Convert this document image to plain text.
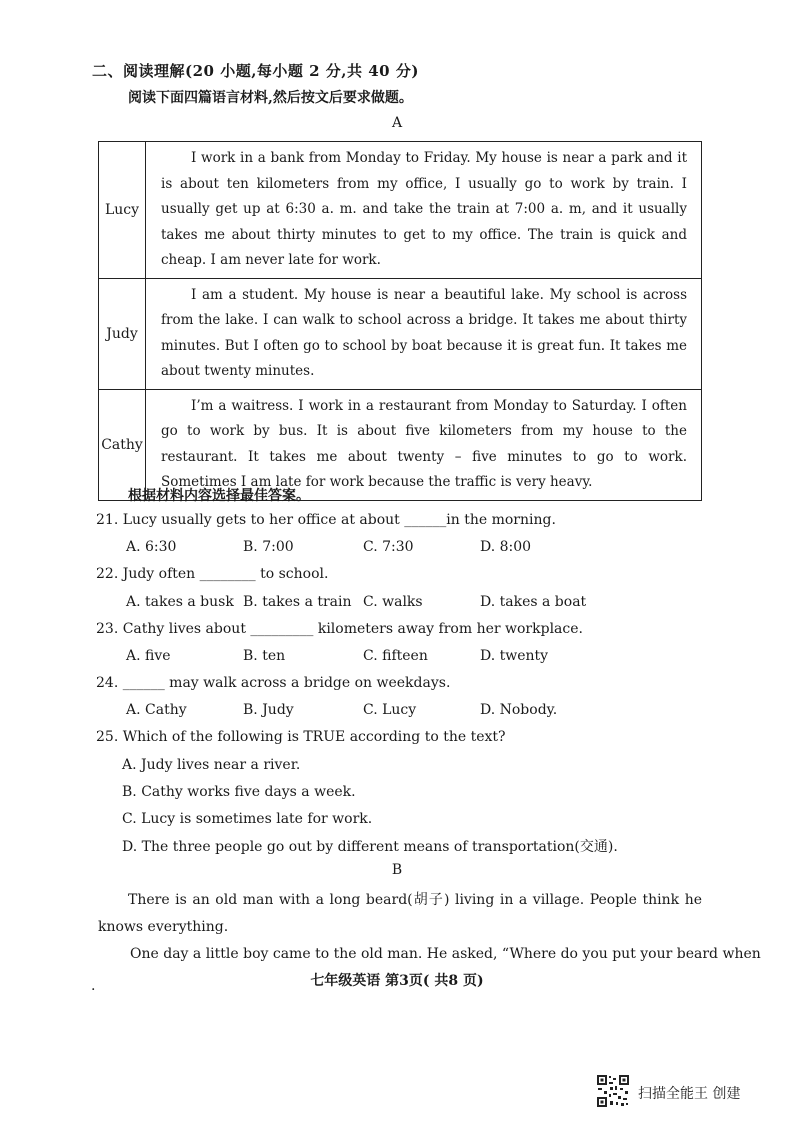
二、阅读理解(20 小题,每小题 2 分,共 40 分)
阅读下面四篇语言材料,然后按文后要求做题。
A
Lucy	I work in a bank from Monday to Friday. My house is near a park and it is about ten kilometers from my office, I usually go to work by train. I usually get up at 6:30 a. m. and take the train at 7:00 a. m, and it usually takes me about thirty minutes to get to my office. The train is quick and cheap. I am never late for work.
Judy	I am a student. My house is near a beautiful lake. My school is across from the lake. I can walk to school across a bridge. It takes me about thirty minutes. But I often go to school by boat because it is great fun. It takes me about twenty minutes.
Cathy	I’m a waitress. I work in a restaurant from Monday to Saturday. I often go to work by bus. It is about five kilometers from my house to the restaurant. It takes me about twenty – five minutes to go to work. Sometimes I am late for work because the traffic is very heavy.
根据材料内容选择最佳答案。
21. Lucy usually gets to her office at about ______in the morning.
A. 6:30	B. 7:00	C. 7:30	D. 8:00
22. Judy often ________ to school.
A. takes a busk B. takes a train C. walks	D. takes a boat
23. Cathy lives about _________ kilometers away from her workplace.
A. five	B. ten	C. fifteen	D. twenty
24. ______ may walk across a bridge on weekdays.
A. Cathy	B. Judy	C. Lucy	D. Nobody.
25. Which of the following is TRUE according to the text?
A. Judy lives near a river.
B. Cathy works five days a week.
C. Lucy is sometimes late for work.
D. The three people go out by different means of transportation(交通).
B
There is an old man with a long beard(胡子) living in a village. People think he knows everything.
One day a little boy came to the old man. He asked, “Where do you put your beard when
.	七年级英语 第3页( 共8 页)
扫描全能王 创建
